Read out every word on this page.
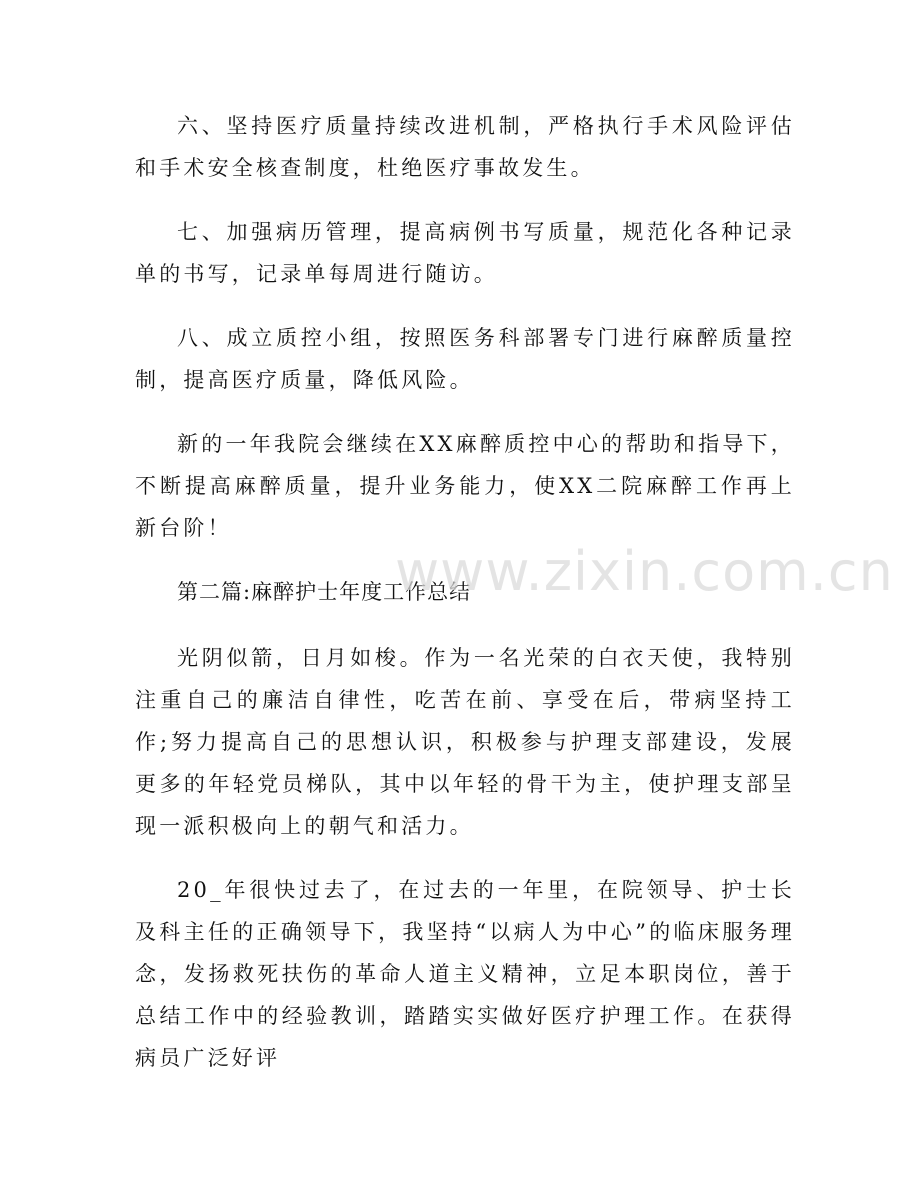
六、坚持医疗质量持续改进机制，严格执行手术风险评估和手术安全核查制度，杜绝医疗事故发生。

七、加强病历管理，提高病例书写质量，规范化各种记录单的书写，记录单每周进行随访。

八、成立质控小组，按照医务科部署专门进行麻醉质量控制，提高医疗质量，降低风险。

新的一年我院会继续在XX麻醉质控中心的帮助和指导下，不断提高麻醉质量，提升业务能力，使XX二院麻醉工作再上新台阶！

第二篇:麻醉护士年度工作总结

光阴似箭，日月如梭。作为一名光荣的白衣天使，我特别注重自己的廉洁自律性，吃苦在前、享受在后，带病坚持工作;努力提高自己的思想认识，积极参与护理支部建设，发展更多的年轻党员梯队，其中以年轻的骨干为主，使护理支部呈现一派积极向上的朝气和活力。

20_年很快过去了，在过去的一年里，在院领导、护士长及科主任的正确领导下，我坚持“以病人为中心”的临床服务理念，发扬救死扶伤的革命人道主义精神，立足本职岗位，善于总结工作中的经验教训，踏踏实实做好医疗护理工作。在获得病员广泛好评

www.zixin.com.cn
